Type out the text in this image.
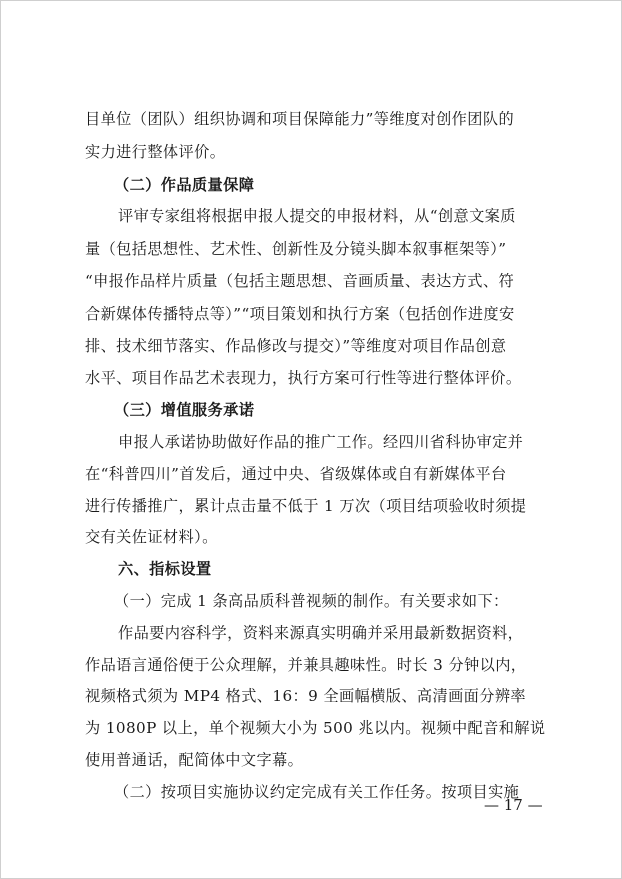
目单位（团队）组织协调和项目保障能力”等维度对创作团队的
实力进行整体评价。
（二）作品质量保障
评审专家组将根据申报人提交的申报材料，从“创意文案质
量（包括思想性、艺术性、创新性及分镜头脚本叙事框架等）”
“申报作品样片质量（包括主题思想、音画质量、表达方式、符
合新媒体传播特点等）”“项目策划和执行方案（包括创作进度安
排、技术细节落实、作品修改与提交）”等维度对项目作品创意
水平、项目作品艺术表现力，执行方案可行性等进行整体评价。
（三）增值服务承诺
申报人承诺协助做好作品的推广工作。经四川省科协审定并
在“科普四川”首发后，通过中央、省级媒体或自有新媒体平台
进行传播推广，累计点击量不低于 1 万次（项目结项验收时须提
交有关佐证材料）。
六、指标设置
（一）完成 1 条高品质科普视频的制作。有关要求如下：
作品要内容科学，资料来源真实明确并采用最新数据资料，
作品语言通俗便于公众理解，并兼具趣味性。时长 3 分钟以内，
视频格式须为 MP4 格式、16：9 全画幅横版、高清画面分辨率
为 1080P 以上，单个视频大小为 500 兆以内。视频中配音和解说
使用普通话，配简体中文字幕。
（二）按项目实施协议约定完成有关工作任务。按项目实施
— 17 —
